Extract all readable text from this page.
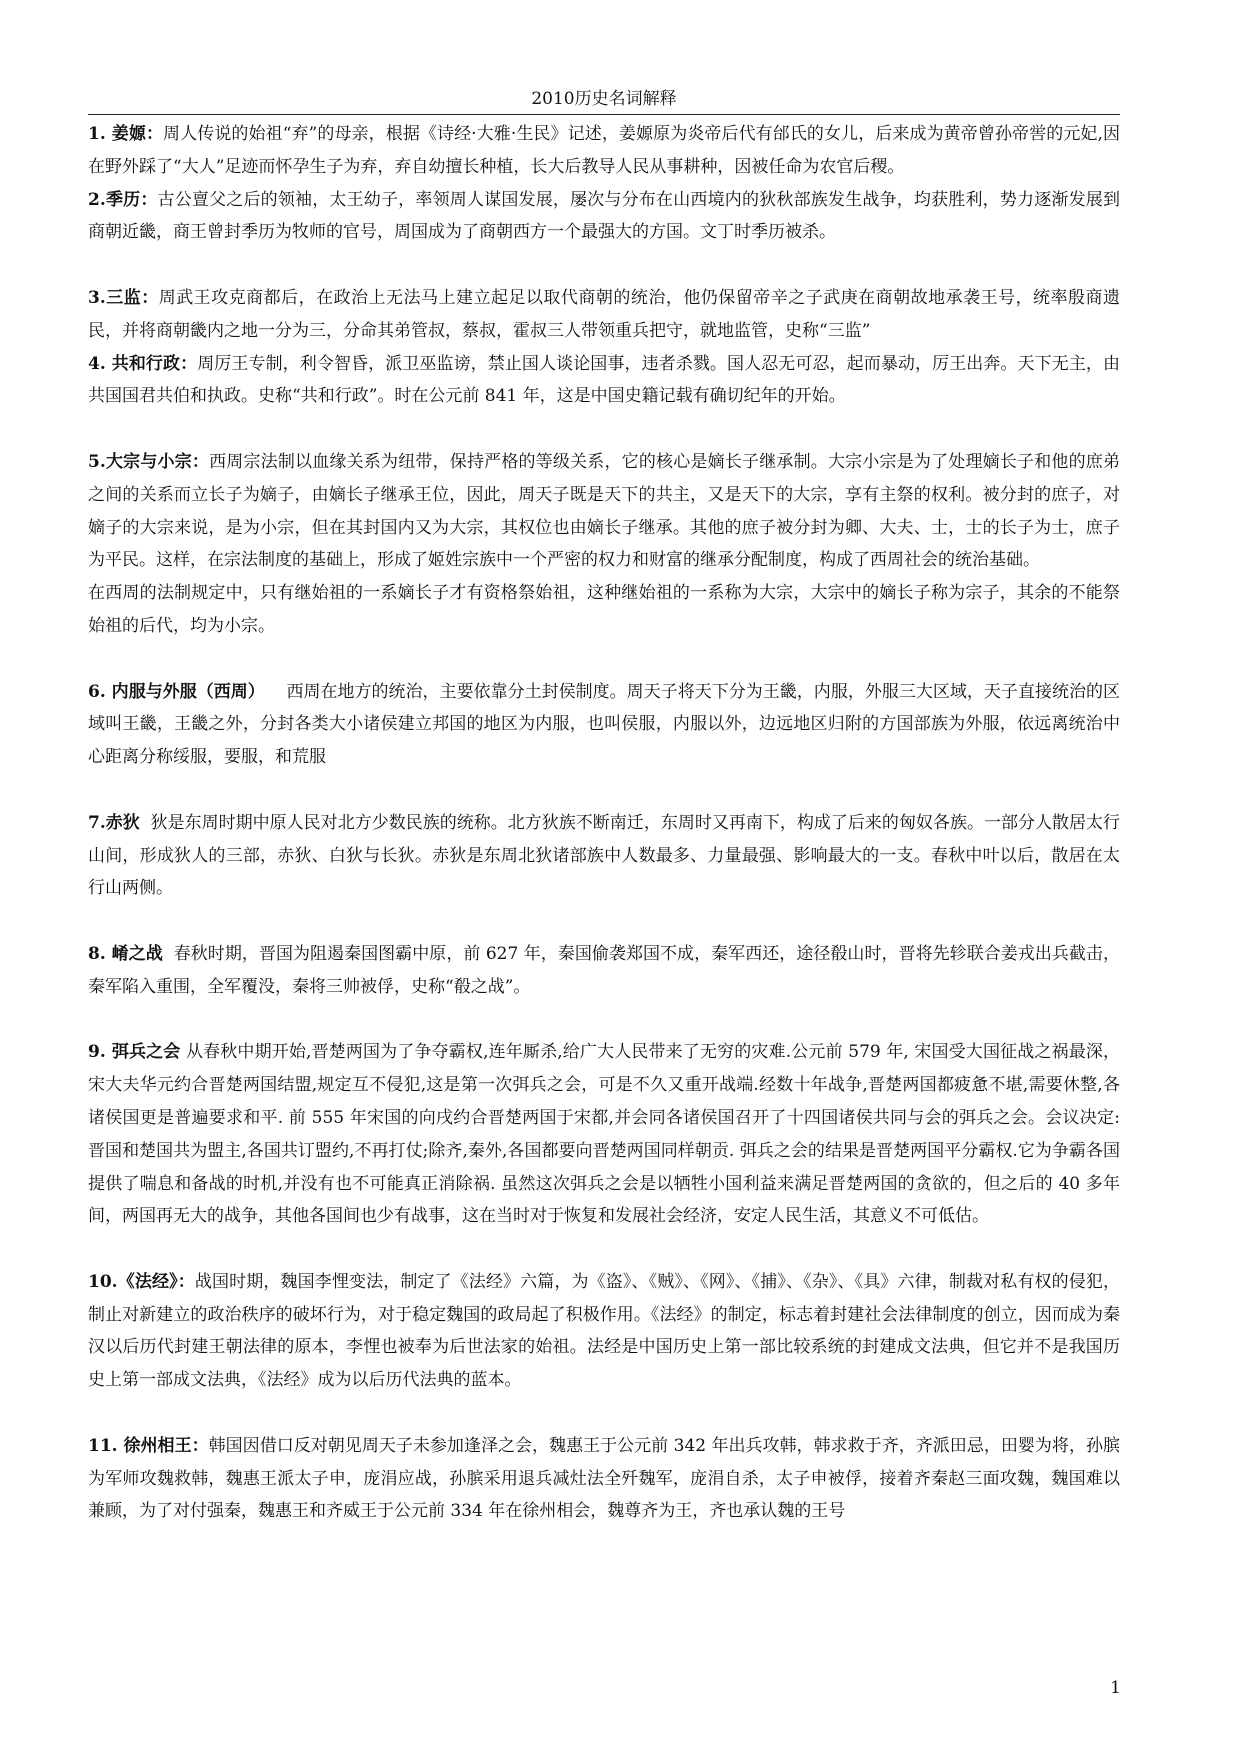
2010历史名词解释

1. 姜嫄：周人传说的始祖“弃”的母亲，根据《诗经·大雅·生民》记述，姜嫄原为炎帝后代有邰氏的女儿，后来成为黄帝曾孙帝喾的元妃,因在野外踩了“大人”足迹而怀孕生子为弃，弃自幼擅长种植，长大后教导人民从事耕种，因被任命为农官后稷。

2.季历：古公亶父之后的领袖，太王幼子，率领周人谋国发展，屡次与分布在山西境内的狄秋部族发生战争，均获胜利，势力逐渐发展到商朝近畿，商王曾封季历为牧师的官号，周国成为了商朝西方一个最强大的方国。文丁时季历被杀。

3.三监：周武王攻克商都后，在政治上无法马上建立起足以取代商朝的统治，他仍保留帝辛之子武庚在商朝故地承袭王号，统率殷商遗民，并将商朝畿内之地一分为三，分命其弟管叔，蔡叔，霍叔三人带领重兵把守，就地监管，史称“三监”

4. 共和行政：周厉王专制，利令智昏，派卫巫监谤，禁止国人谈论国事，违者杀戮。国人忍无可忍，起而暴动，厉王出奔。天下无主，由共国国君共伯和执政。史称“共和行政”。时在公元前 841 年，这是中国史籍记载有确切纪年的开始。

5.大宗与小宗：西周宗法制以血缘关系为纽带，保持严格的等级关系，它的核心是嫡长子继承制。大宗小宗是为了处理嫡长子和他的庶弟之间的关系而立长子为嫡子，由嫡长子继承王位，因此，周天子既是天下的共主，又是天下的大宗，享有主祭的权利。被分封的庶子，对嫡子的大宗来说，是为小宗，但在其封国内又为大宗，其权位也由嫡长子继承。其他的庶子被分封为卿、大夫、士，士的长子为士，庶子为平民。这样，在宗法制度的基础上，形成了姬姓宗族中一个严密的权力和财富的继承分配制度，构成了西周社会的统治基础。

在西周的法制规定中，只有继始祖的一系嫡长子才有资格祭始祖，这种继始祖的一系称为大宗，大宗中的嫡长子称为宗子，其余的不能祭始祖的后代，均为小宗。

6. 内服与外服（西周） 西周在地方的统治，主要依靠分土封侯制度。周天子将天下分为王畿，内服，外服三大区域，天子直接统治的区域叫王畿，王畿之外，分封各类大小诸侯建立邦国的地区为内服，也叫侯服，内服以外，边远地区归附的方国部族为外服，依远离统治中心距离分称绥服，要服，和荒服

7.赤狄 狄是东周时期中原人民对北方少数民族的统称。北方狄族不断南迁，东周时又再南下，构成了后来的匈奴各族。一部分人散居太行山间，形成狄人的三部，赤狄、白狄与长狄。赤狄是东周北狄诸部族中人数最多、力量最强、影响最大的一支。春秋中叶以后，散居在太行山两侧。

8. 崤之战 春秋时期，晋国为阻遏秦国图霸中原，前 627 年，秦国偷袭郑国不成，秦军西还，途径殽山时，晋将先轸联合姜戎出兵截击，秦军陷入重围，全军覆没，秦将三帅被俘，史称“殽之战”。

9. 弭兵之会 从春秋中期开始,晋楚两国为了争夺霸权,连年厮杀,给广大人民带来了无穷的灾难.公元前 579 年, 宋国受大国征战之祸最深，宋大夫华元约合晋楚两国结盟,规定互不侵犯,这是第一次弭兵之会，可是不久又重开战端.经数十年战争,晋楚两国都疲惫不堪,需要休整,各诸侯国更是普遍要求和平. 前 555 年宋国的向戌约合晋楚两国于宋都,并会同各诸侯国召开了十四国诸侯共同与会的弭兵之会。会议决定:晋国和楚国共为盟主,各国共订盟约,不再打仗;除齐,秦外,各国都要向晋楚两国同样朝贡. 弭兵之会的结果是晋楚两国平分霸权.它为争霸各国提供了喘息和备战的时机,并没有也不可能真正消除祸. 虽然这次弭兵之会是以牺牲小国利益来满足晋楚两国的贪欲的，但之后的 40 多年间，两国再无大的战争，其他各国间也少有战事，这在当时对于恢复和发展社会经济，安定人民生活，其意义不可低估。

10.《法经》：战国时期，魏国李悝变法，制定了《法经》六篇，为《盗》、《贼》、《网》、《捕》、《杂》、《具》六律，制裁对私有权的侵犯，制止对新建立的政治秩序的破坏行为，对于稳定魏国的政局起了积极作用。《法经》的制定，标志着封建社会法律制度的创立，因而成为秦汉以后历代封建王朝法律的原本，李悝也被奉为后世法家的始祖。法经是中国历史上第一部比较系统的封建成文法典，但它并不是我国历史上第一部成文法典，《法经》成为以后历代法典的蓝本。

11. 徐州相王：韩国因借口反对朝见周天子未参加逢泽之会，魏惠王于公元前 342 年出兵攻韩，韩求救于齐，齐派田忌，田婴为将，孙膑为军师攻魏救韩，魏惠王派太子申，庞涓应战，孙膑采用退兵减灶法全歼魏军，庞涓自杀，太子申被俘，接着齐秦赵三面攻魏，魏国难以兼顾，为了对付强秦，魏惠王和齐威王于公元前 334 年在徐州相会，魏尊齐为王，齐也承认魏的王号

1
